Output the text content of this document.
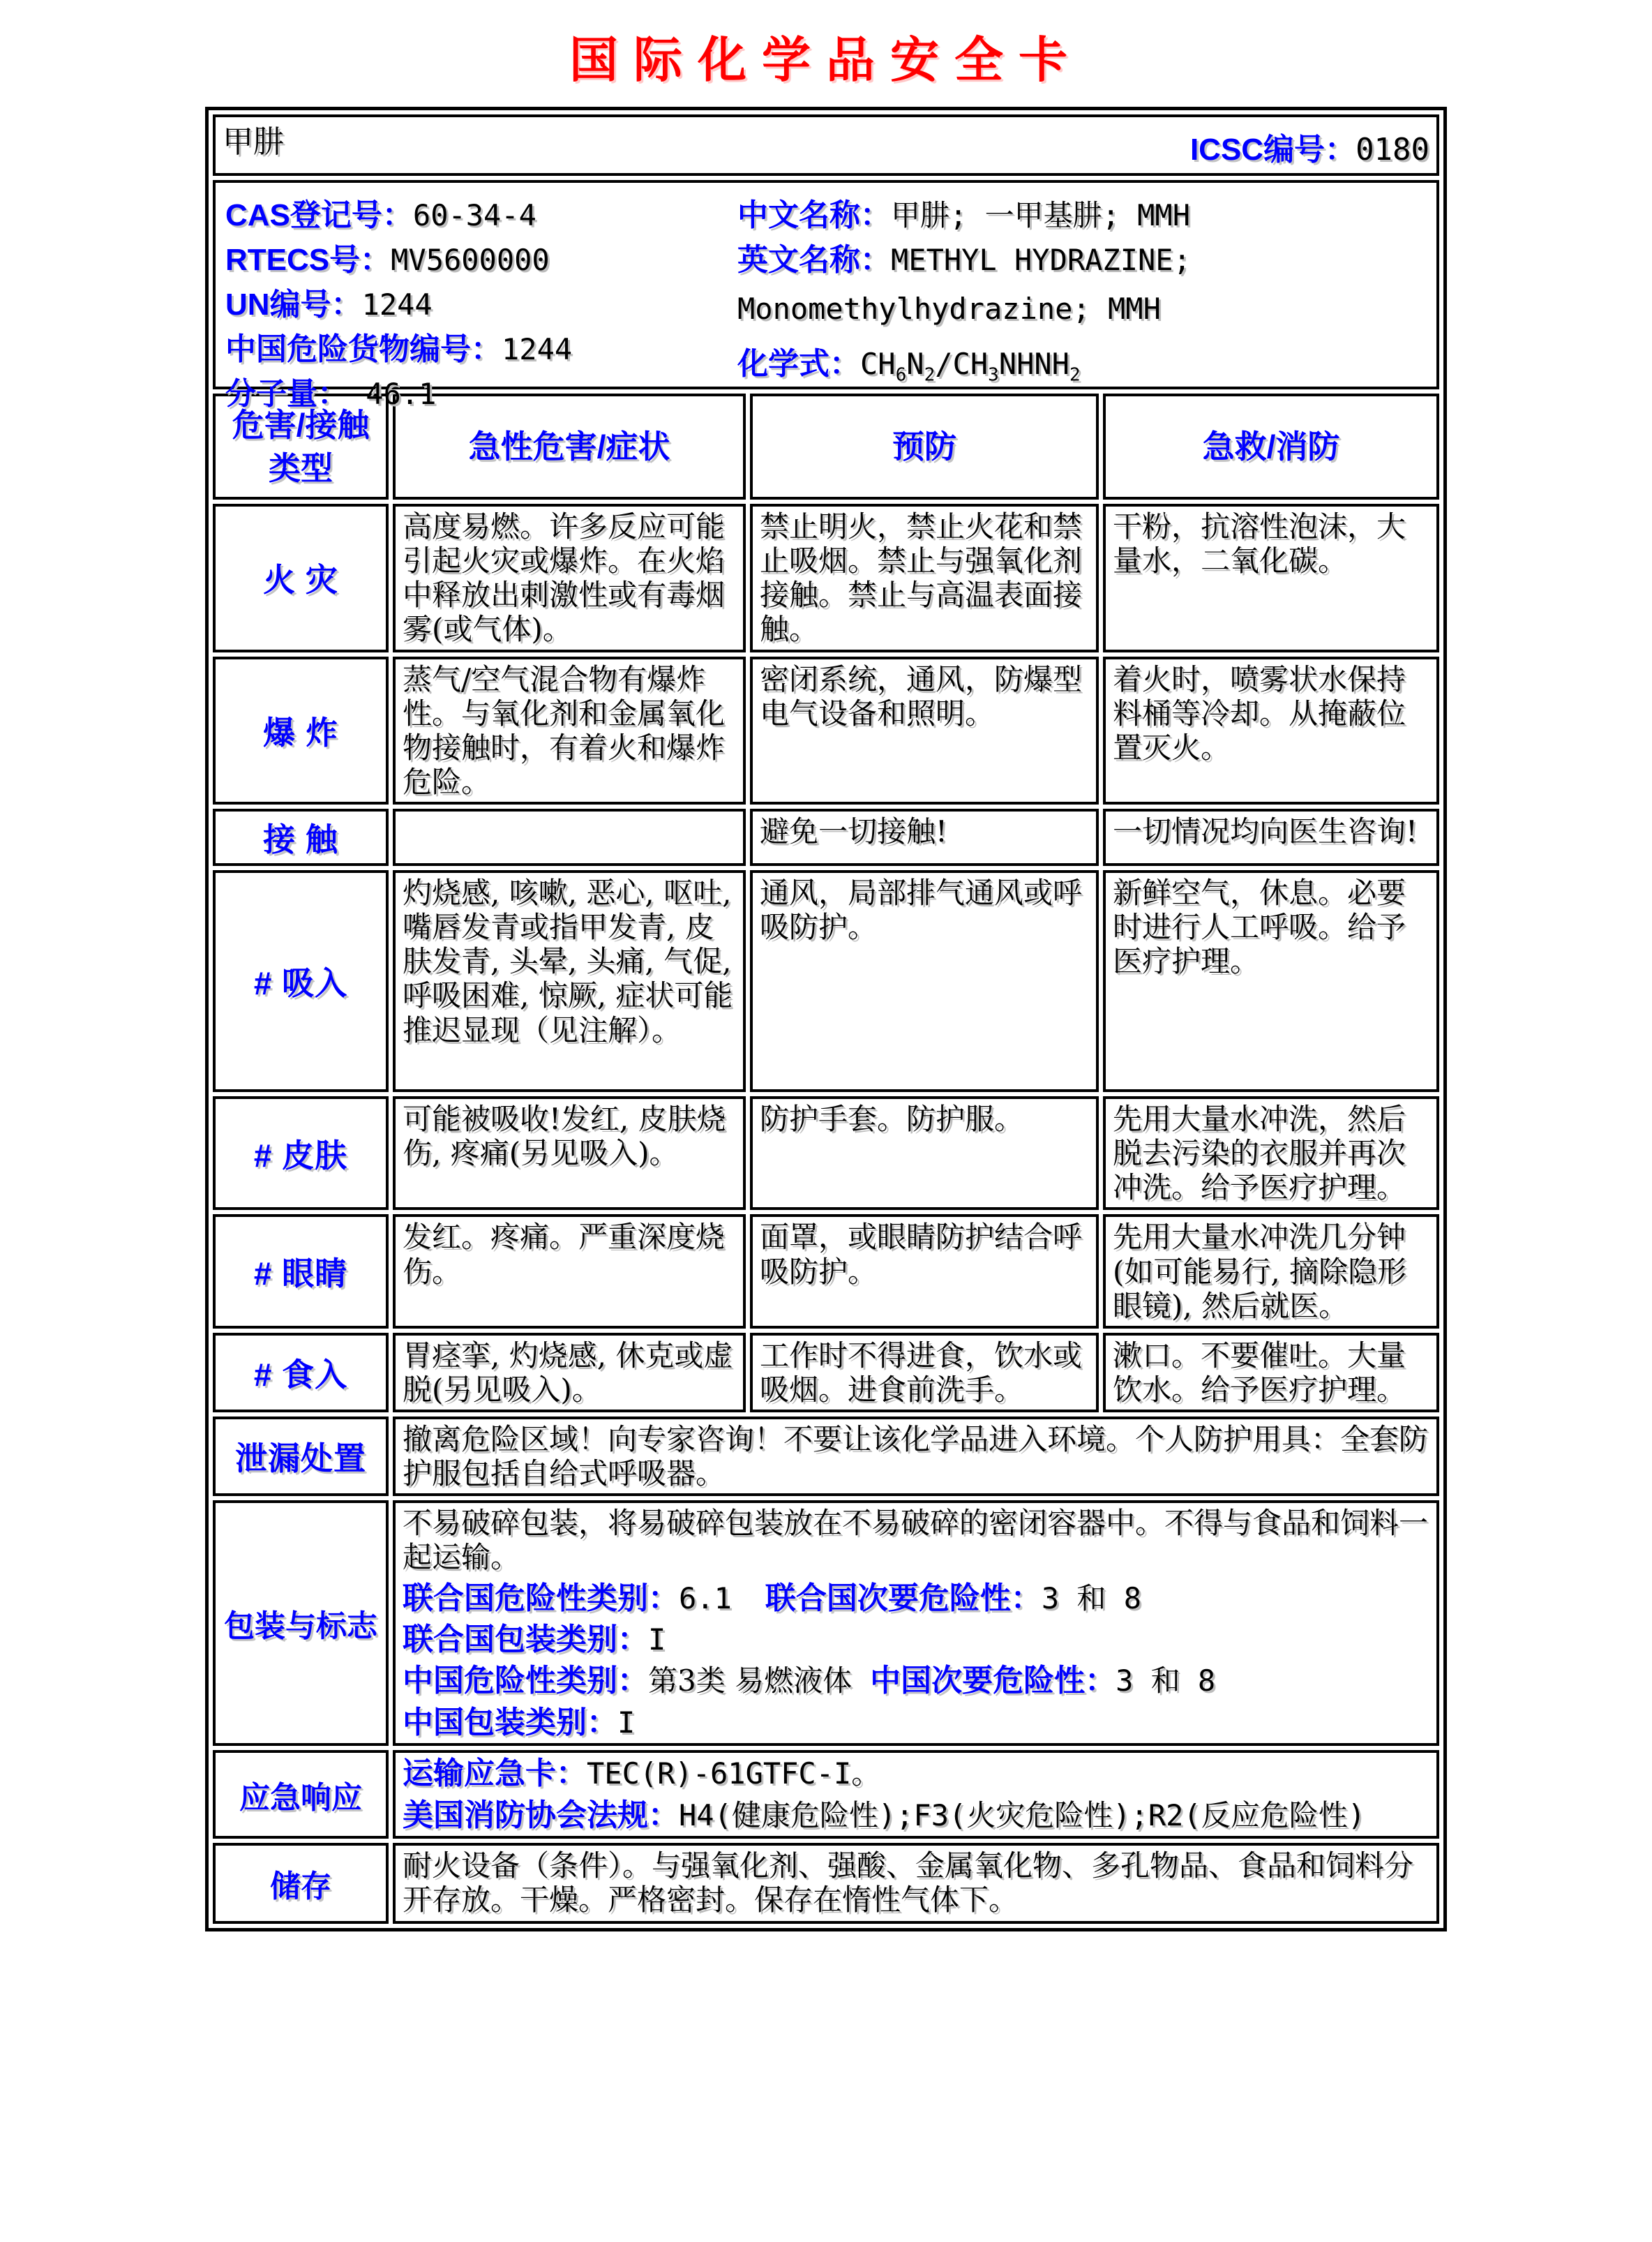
国际化学品安全卡
甲肼 ICSC编号：0180			

CAS登记号：60-34-4
RTECS号：MV5600000
UN编号：1244
中国危险货物编号：1244
分子量： 46.1
中文名称：甲肼; 一甲基肼; MMH
英文名称：METHYL HYDRAZINE;
Monomethylhydrazine; MMH
化学式：$CH_6N_2/CH_3NHNH_2$

危害/接触类型	急性危害/症状	预防	急救/消防
火 灾	高度易燃。许多反应可能引起火灾或爆炸。在火焰中释放出刺激性或有毒烟雾(或气体)。	禁止明火，禁止火花和禁止吸烟。禁止与强氧化剂接触。禁止与高温表面接触。	干粉，抗溶性泡沫，大量水，二氧化碳。

爆 炸	蒸气/空气混合物有爆炸性。与氧化剂和金属氧化物接触时，有着火和爆炸危险。	密闭系统，通风，防爆型电气设备和照明。	着火时，喷雾状水保持料桶等冷却。从掩蔽位置灭火。

接 触		避免一切接触!	一切情况均向医生咨询!

# 吸入	灼烧感, 咳嗽, 恶心, 呕吐, 嘴唇发青或指甲发青, 皮肤发青, 头晕, 头痛, 气促, 呼吸困难, 惊厥, 症状可能推迟显现（见注解）。	通风，局部排气通风或呼吸防护。	新鲜空气，休息。必要时进行人工呼吸。给予医疗护理。

# 皮肤	可能被吸收!发红, 皮肤烧伤, 疼痛(另见吸入)。	防护手套。防护服。	先用大量水冲洗，然后脱去污染的衣服并再次冲洗。给予医疗护理。

# 眼睛	发红。疼痛。严重深度烧伤。	面罩，或眼睛防护结合呼吸防护。	先用大量水冲洗几分钟(如可能易行, 摘除隐形眼镜), 然后就医。

# 食入	胃痉挛, 灼烧感, 休克或虚脱(另见吸入)。	工作时不得进食，饮水或吸烟。进食前洗手。	漱口。不要催吐。大量饮水。给予医疗护理。

泄漏处置	撤离危险区域！向专家咨询！不要让该化学品进入环境。个人防护用具：全套防护服包括自给式呼吸器。		

包装与标志	不易破碎包装，将易破碎包装放在不易破碎的密闭容器中。不得与食品和饲料一起运输。
联合国危险性类别：6.1 联合国次要危险性：3 和 8
联合国包装类别：I
中国危险性类别：第3类 易燃液体 中国次要危险性：3 和 8
中国包装类别：I		

应急响应	运输应急卡：TEC(R)-61GTFC-I。
美国消防协会法规：H4(健康危险性);F3(火灾危险性);R2(反应危险性)		

储存	耐火设备（条件）。与强氧化剂、强酸、金属氧化物、多孔物品、食品和饲料分开存放。干燥。严格密封。保存在惰性气体下。		
